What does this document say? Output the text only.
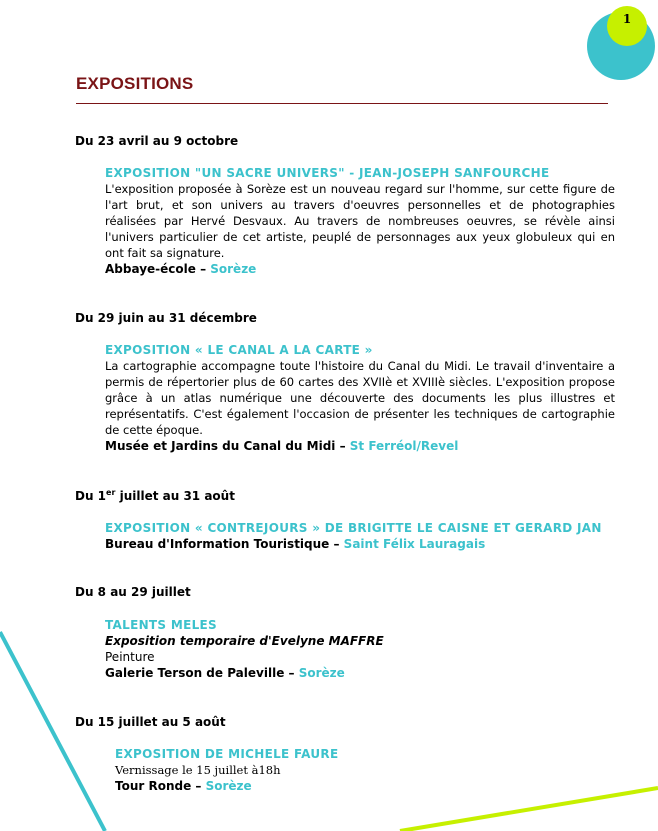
1
EXPOSITIONS
Du 23 avril au 9 octobre
EXPOSITION "UN SACRE UNIVERS" - JEAN-JOSEPH SANFOURCHE
L'exposition proposée à Sorèze est un nouveau regard sur l'homme, sur cette figure de l'art brut, et son univers au travers d'oeuvres personnelles et de photographies réalisées par Hervé Desvaux. Au travers de nombreuses oeuvres, se révèle ainsi l'univers particulier de cet artiste, peuplé de personnages aux yeux globuleux qui en ont fait sa signature.
Abbaye-école – Sorèze
Du 29 juin au 31 décembre
EXPOSITION « LE CANAL A LA CARTE »
La cartographie accompagne toute l'histoire du Canal du Midi. Le travail d'inventaire a permis de répertorier plus de 60 cartes des XVIIè et XVIIIè siècles. L'exposition propose grâce à un atlas numérique une découverte des documents les plus illustres et représentatifs. C'est également l'occasion de présenter les techniques de cartographie de cette époque.
Musée et Jardins du Canal du Midi – St Ferréol/Revel
Du 1er juillet au 31 août
EXPOSITION « CONTREJOURS » DE BRIGITTE LE CAISNE ET GERARD JAN
Bureau d'Information Touristique – Saint Félix Lauragais
Du 8 au 29 juillet
TALENTS MELES
Exposition temporaire d'Evelyne MAFFRE
Peinture
Galerie Terson de Paleville – Sorèze
Du 15 juillet au 5 août
EXPOSITION DE MICHELE FAURE
Vernissage le 15 juillet à18h
Tour Ronde – Sorèze
